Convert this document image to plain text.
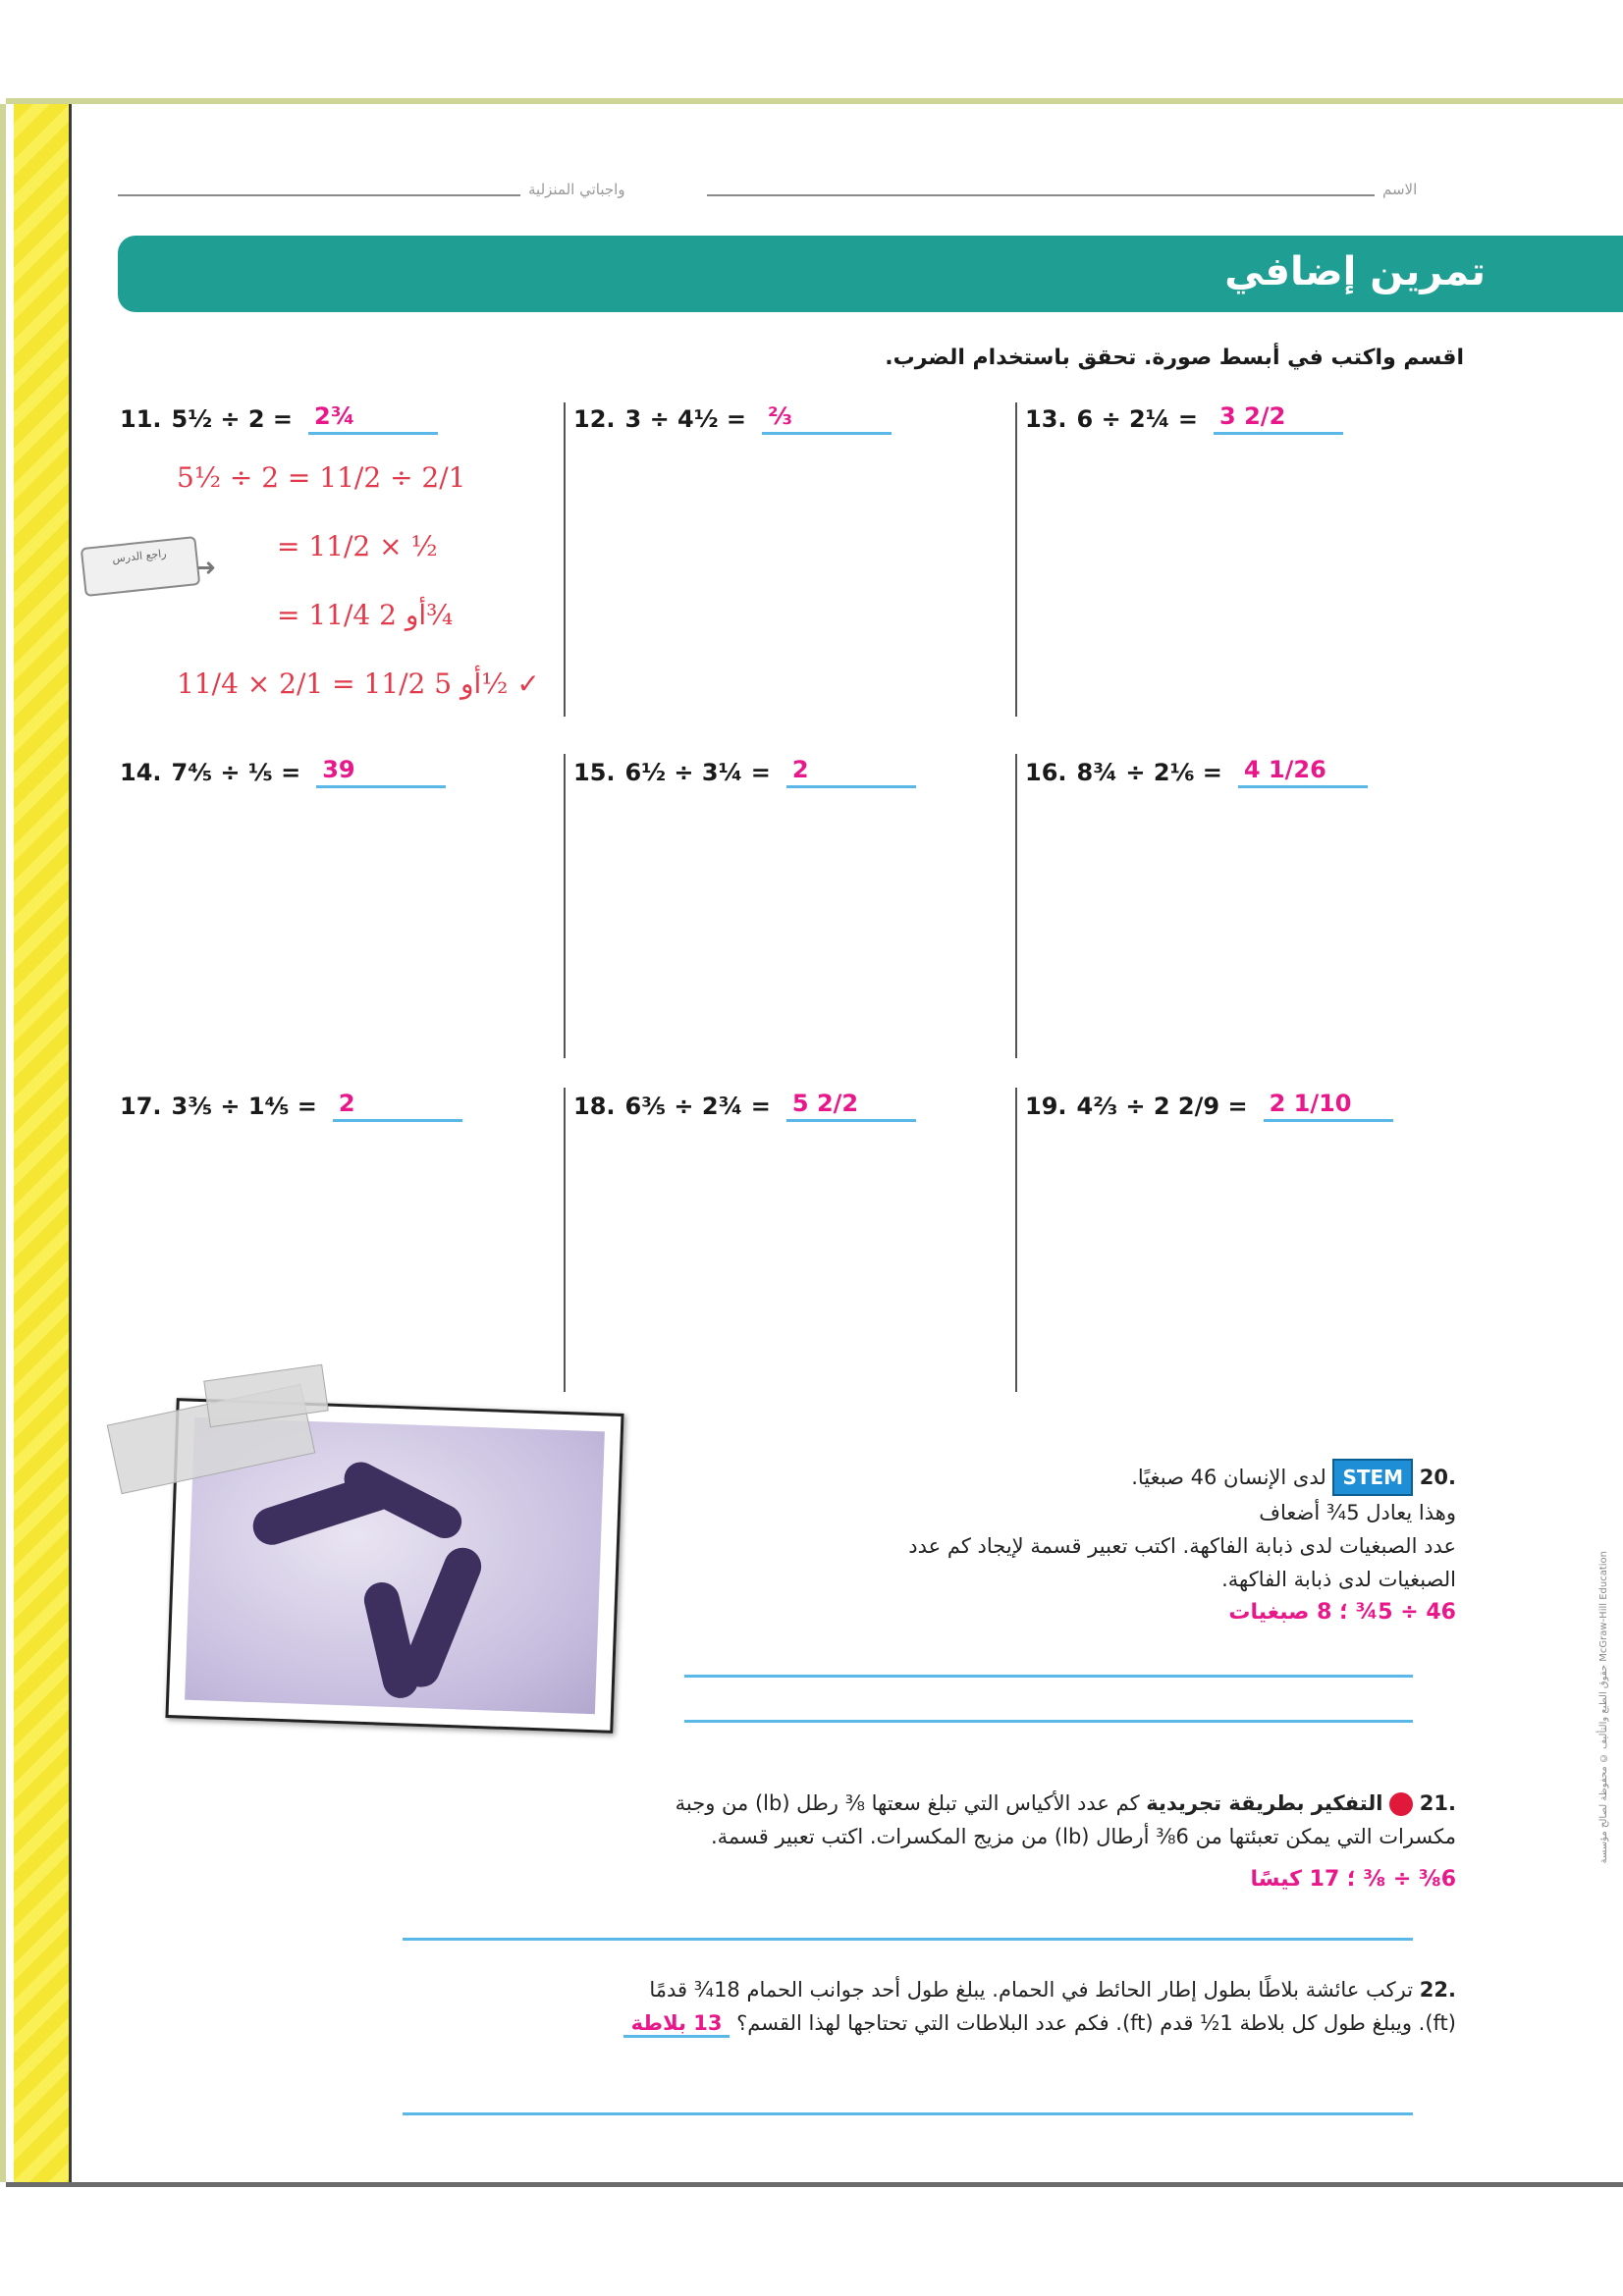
واجباتي المنزلية	الاسم
تمرين إضافي
اقسم واكتب في أبسط صورة. تحقق باستخدام الضرب.
11. 5½ ÷ 2 = 2¾	12. 3 ÷ 4½ = ⅔	13. 6 ÷ 2¼ = 3 2/2
14. 7⅘ ÷ ⅕ = 39	15. 6½ ÷ 3¼ = 2	16. 8¾ ÷ 2⅙ = 4 1/26
17. 3⅗ ÷ 1⅘ = 2	18. 6⅗ ÷ 2¾ = 5 2/2	19. 4⅔ ÷ 2 2/9 = 2 1/10
5½ ÷ 2 = 11/2 ÷ 2/1
= 11/2 × ½
= 11/4 أو 2¾
11/4 × 2/1 = 11/2 أو 5½ ✓
راجع الدرس	➜
.20 STEM لدى الإنسان 46 صبغيًا.
وهذا يعادل 5¾ أضعاف
عدد الصبغيات لدى ذبابة الفاكهة. اكتب تعبير قسمة لإيجاد كم عدد
الصبغيات لدى ذبابة الفاكهة.
46 ÷ 5¾ ؛ 8 صبغيات
.21  التفكير بطريقة تجريدية كم عدد الأكياس التي تبلغ سعتها ⅜ رطل (lb) من وجبة
مكسرات التي يمكن تعبئتها من 6⅜ أرطال (lb) من مزيج المكسرات. اكتب تعبير قسمة.
6⅜ ÷ ⅜ ؛ 17 كيسًا
.22 تركب عائشة بلاطًا بطول إطار الحائط في الحمام. يبلغ طول أحد جوانب الحمام 18¾ قدمًا
(ft). ويبلغ طول كل بلاطة 1½ قدم (ft). فكم عدد البلاطات التي تحتاجها لهذا القسم؟ 13 بلاطة
حقوق الطبع والتأليف © محفوظة لصالح مؤسسة McGraw-Hill Education
